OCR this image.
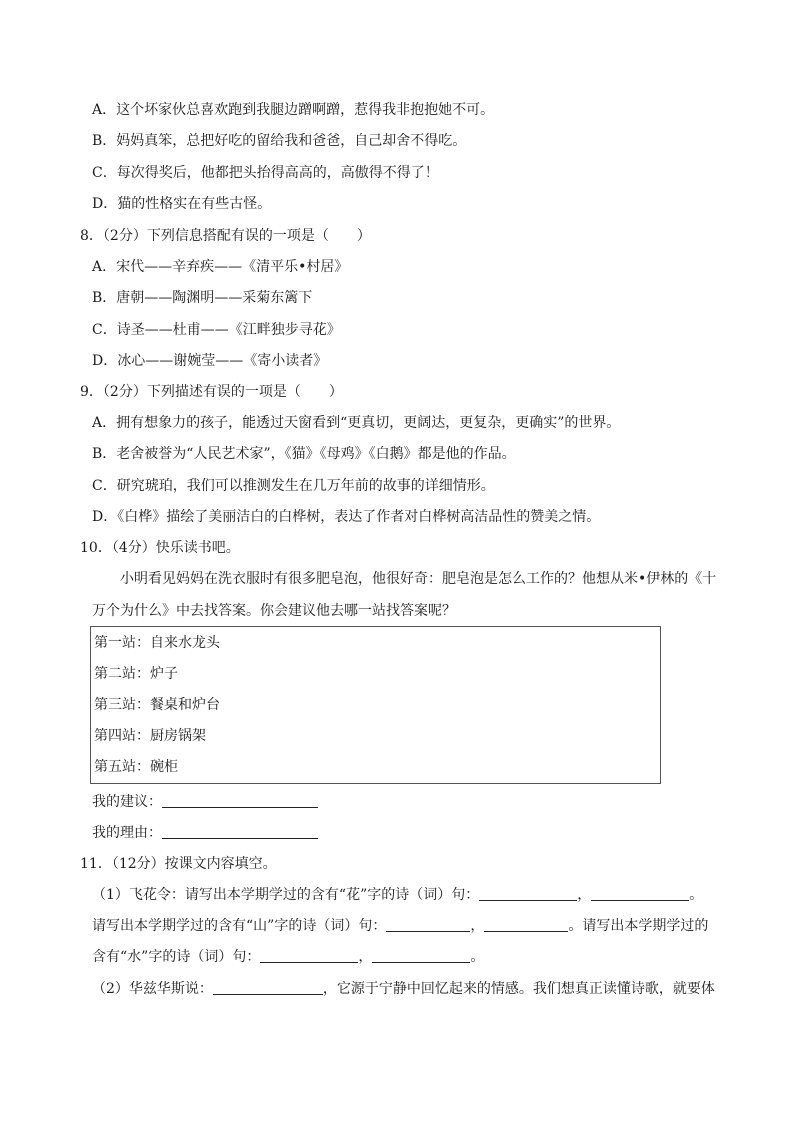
A．这个坏家伙总喜欢跑到我腿边蹭啊蹭，惹得我非抱抱她不可。
B．妈妈真笨，总把好吃的留给我和爸爸，自己却舍不得吃。
C．每次得奖后，他都把头抬得高高的，高傲得不得了！
D．猫的性格实在有些古怪。
8．（2分）下列信息搭配有误的一项是（　　）
A．宋代——辛弃疾——《清平乐•村居》
B．唐朝——陶渊明——采菊东篱下
C．诗圣——杜甫——《江畔独步寻花》
D．冰心——谢婉莹——《寄小读者》
9．（2分）下列描述有误的一项是（　　）
A．拥有想象力的孩子，能透过天窗看到“更真切，更阔达，更复杂，更确实”的世界。
B．老舍被誉为“人民艺术家”，《猫》《母鸡》《白鹅》都是他的作品。
C．研究琥珀，我们可以推测发生在几万年前的故事的详细情形。
D．《白桦》描绘了美丽洁白的白桦树，表达了作者对白桦树高洁品性的赞美之情。
10．（4分）快乐读书吧。
小明看见妈妈在洗衣服时有很多肥皂泡，他很好奇：肥皂泡是怎么工作的？他想从米•伊林的《十
万个为什么》中去找答案。你会建议他去哪一站找答案呢？
第一站：自来水龙头
第二站：炉子
第三站：餐桌和炉台
第四站：厨房锅架
第五站：碗柜
我的建议：
我的理由：
11．（12分）按课文内容填空。
（1）飞花令：请写出本学期学过的含有“花”字的诗（词）句：	，	。
请写出本学期学过的含有“山”字的诗（词）句：	，	。请写出本学期学过的
含有“水”字的诗（词）句：	，	。
（2）华兹华斯说：	，它源于宁静中回忆起来的情感。我们想真正读懂诗歌，就要体
